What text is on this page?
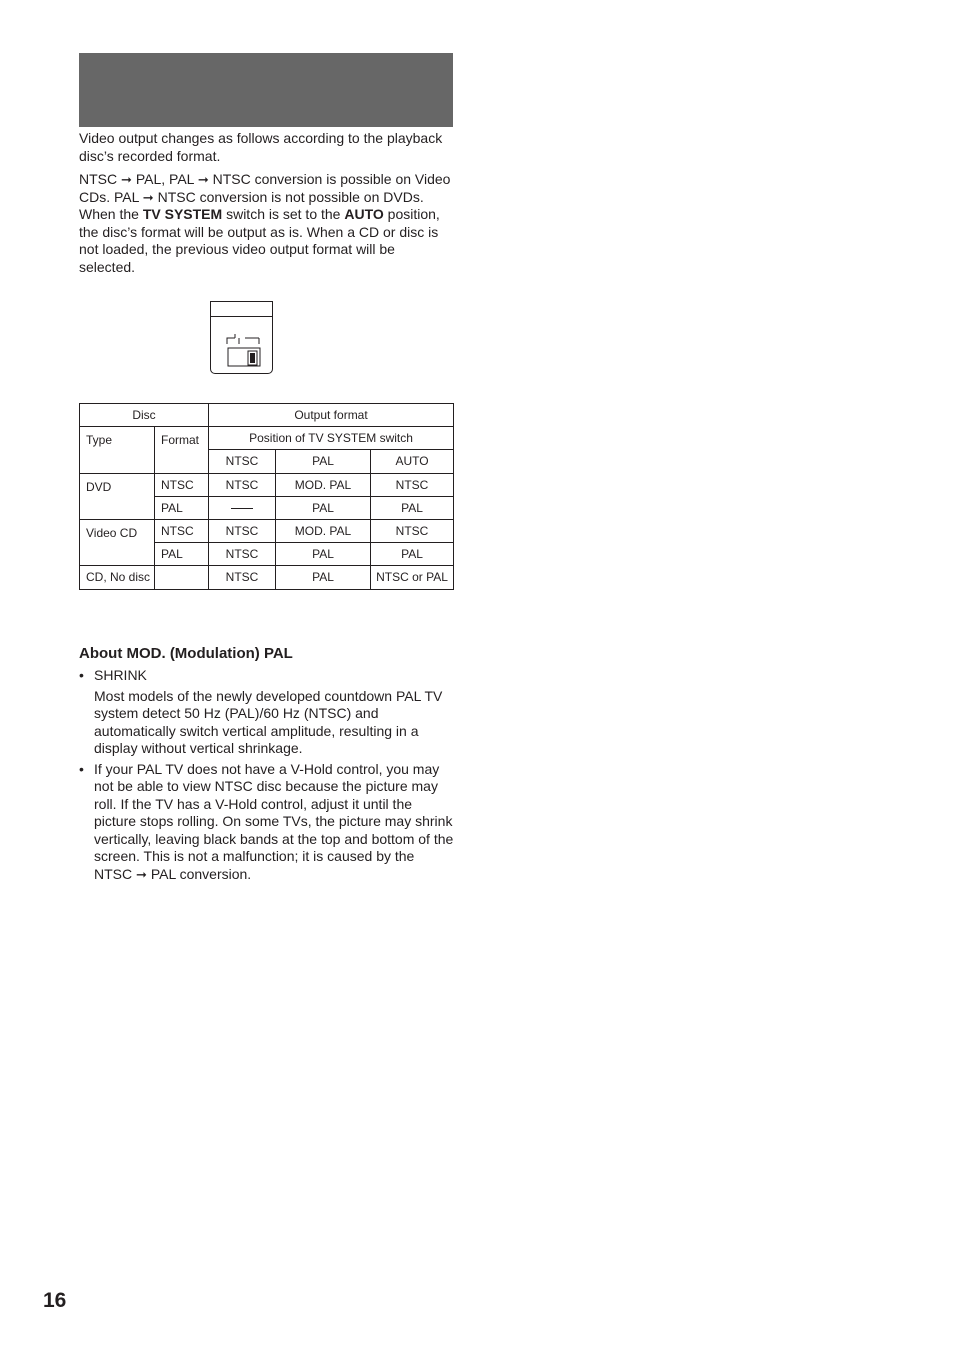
Video output changes as follows according to the playback disc’s recorded format.

NTSC ➞ PAL, PAL ➞ NTSC conversion is possible on Video CDs. PAL ➞ NTSC conversion is not possible on DVDs. When the TV SYSTEM switch is set to the AUTO position, the disc’s format will be output as is. When a CD or disc is not loaded, the previous video output format will be selected.

Disc		Output format		
Type	Format	Position of TV SYSTEM switch		
		NTSC	PAL	AUTO
DVD	NTSC	NTSC	MOD. PAL	NTSC
	PAL		PAL	PAL
Video CD	NTSC	NTSC	MOD. PAL	NTSC
	PAL	NTSC	PAL	PAL
CD, No disc		NTSC	PAL	NTSC or PAL
About MOD. (Modulation) PAL
• SHRINK
Most models of the newly developed countdown PAL TV system detect 50 Hz (PAL)/60 Hz (NTSC) and automatically switch vertical amplitude, resulting in a display without vertical shrinkage.
• If your PAL TV does not have a V-Hold control, you may not be able to view NTSC disc because the picture may roll. If the TV has a V-Hold control, adjust it until the picture stops rolling. On some TVs, the picture may shrink vertically, leaving black bands at the top and bottom of the screen. This is not a malfunction; it is caused by the NTSC ➞ PAL conversion.
16
